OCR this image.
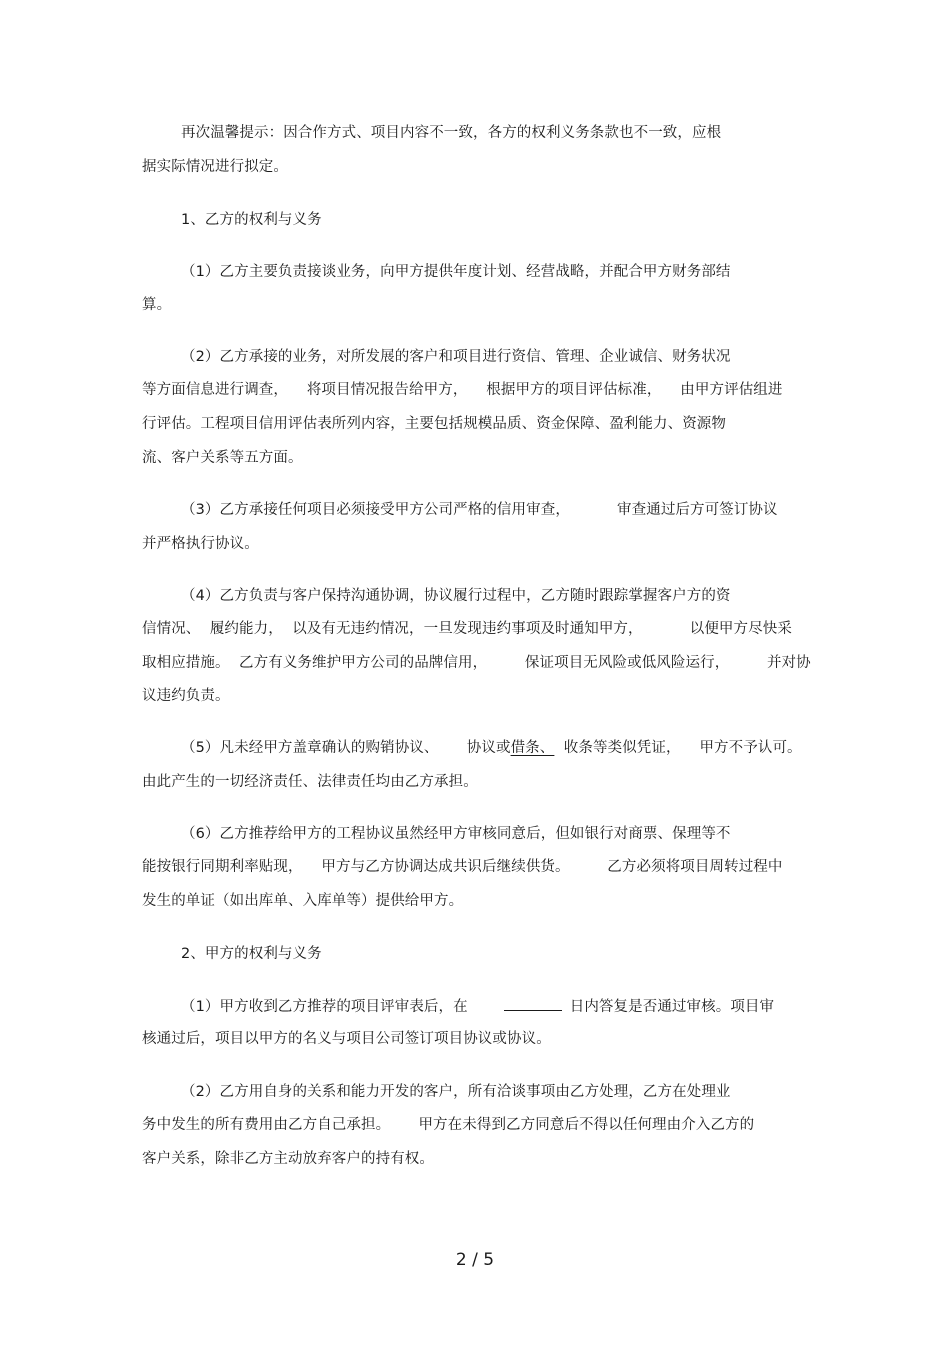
再次温馨提示：因合作方式、项目内容不一致，各方的权利义务条款也不一致，应根
据实际情况进行拟定。
1、乙方的权利与义务
（1）乙方主要负责接谈业务，向甲方提供年度计划、经营战略，并配合甲方财务部结
算。
（2）乙方承接的业务，对所发展的客户和项目进行资信、管理、企业诚信、财务状况
等方面信息进行调查，    将项目情况报告给甲方，    根据甲方的项目评估标准，    由甲方评估组进
行评估。工程项目信用评估表所列内容，主要包括规模品质、资金保障、盈利能力、资源物
流、客户关系等五方面。
（3）乙方承接任何项目必须接受甲方公司严格的信用审查，          审查通过后方可签订协议
并严格执行协议。
（4）乙方负责与客户保持沟通协调，协议履行过程中，乙方随时跟踪掌握客户方的资
信情况、  履约能力，  以及有无违约情况，一旦发现违约事项及时通知甲方，          以便甲方尽快采
取相应措施。  乙方有义务维护甲方公司的品牌信用，        保证项目无风险或低风险运行，        并对协
议违约负责。
（5）凡未经甲方盖章确认的购销协议、      协议或借条、  收条等类似凭证，    甲方不予认可。
由此产生的一切经济责任、法律责任均由乙方承担。
（6）乙方推荐给甲方的工程协议虽然经甲方审核同意后，但如银行对商票、保理等不
能按银行同期利率贴现，    甲方与乙方协调达成共识后继续供货。        乙方必须将项目周转过程中
发生的单证（如出库单、入库单等）提供给甲方。
2、甲方的权利与义务
（1）甲方收到乙方推荐的项目评审表后，在	日内答复是否通过审核。项目审
核通过后，项目以甲方的名义与项目公司签订项目协议或协议。
（2）乙方用自身的关系和能力开发的客户，所有洽谈事项由乙方处理，乙方在处理业
务中发生的所有费用由乙方自己承担。      甲方在未得到乙方同意后不得以任何理由介入乙方的
客户关系，除非乙方主动放弃客户的持有权。
2 / 5
